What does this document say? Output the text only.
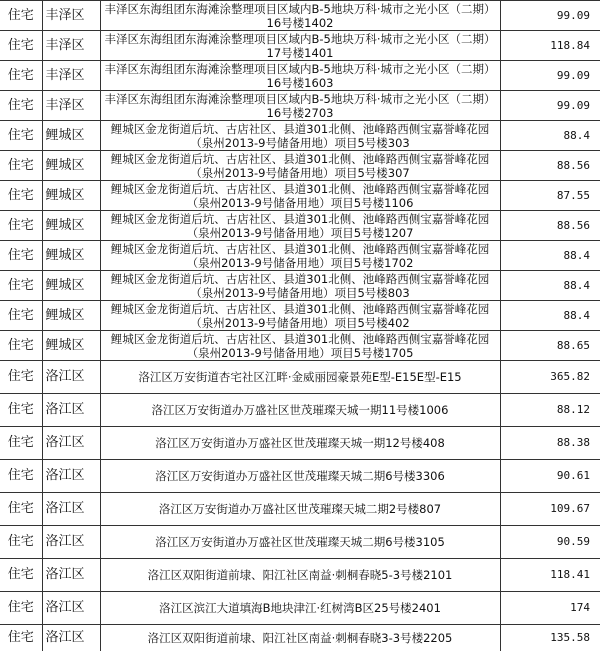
住宅	丰泽区	丰泽区东海组团东海滩涂整理项目区域内B-5地块万科·城市之光小区（二期）16号楼1402	99.09
住宅	丰泽区	丰泽区东海组团东海滩涂整理项目区域内B-5地块万科·城市之光小区（二期）17号楼1401	118.84
住宅	丰泽区	丰泽区东海组团东海滩涂整理项目区域内B-5地块万科·城市之光小区（二期）16号楼1603	99.09
住宅	丰泽区	丰泽区东海组团东海滩涂整理项目区域内B-5地块万科·城市之光小区（二期）16号楼2703	99.09
住宅	鲤城区	鲤城区金龙街道后坑、古店社区、县道301北侧、池峰路西侧宝嘉誉峰花园（泉州2013-9号储备用地）项目5号楼303	88.4
住宅	鲤城区	鲤城区金龙街道后坑、古店社区、县道301北侧、池峰路西侧宝嘉誉峰花园（泉州2013-9号储备用地）项目5号楼307	88.56
住宅	鲤城区	鲤城区金龙街道后坑、古店社区、县道301北侧、池峰路西侧宝嘉誉峰花园（泉州2013-9号储备用地）项目5号楼1106	87.55
住宅	鲤城区	鲤城区金龙街道后坑、古店社区、县道301北侧、池峰路西侧宝嘉誉峰花园（泉州2013-9号储备用地）项目5号楼1207	88.56
住宅	鲤城区	鲤城区金龙街道后坑、古店社区、县道301北侧、池峰路西侧宝嘉誉峰花园（泉州2013-9号储备用地）项目5号楼1702	88.4
住宅	鲤城区	鲤城区金龙街道后坑、古店社区、县道301北侧、池峰路西侧宝嘉誉峰花园（泉州2013-9号储备用地）项目5号楼803	88.4
住宅	鲤城区	鲤城区金龙街道后坑、古店社区、县道301北侧、池峰路西侧宝嘉誉峰花园（泉州2013-9号储备用地）项目5号楼402	88.4
住宅	鲤城区	鲤城区金龙街道后坑、古店社区、县道301北侧、池峰路西侧宝嘉誉峰花园（泉州2013-9号储备用地）项目5号楼1705	88.65
住宅	洛江区	洛江区万安街道杏宅社区江畔·金威丽园豪景苑E型-E15E型-E15	365.82
住宅	洛江区	洛江区万安街道办万盛社区世茂璀璨天城一期11号楼1006	88.12
住宅	洛江区	洛江区万安街道办万盛社区世茂璀璨天城一期12号楼408	88.38
住宅	洛江区	洛江区万安街道办万盛社区世茂璀璨天城二期6号楼3306	90.61
住宅	洛江区	洛江区万安街道办万盛社区世茂璀璨天城二期2号楼807	109.67
住宅	洛江区	洛江区万安街道办万盛社区世茂璀璨天城二期6号楼3105	90.59
住宅	洛江区	洛江区双阳街道前埭、阳江社区南益·刺桐春晓5-3号楼2101	118.41
住宅	洛江区	洛江区滨江大道填海B地块津江·红树湾B区25号楼2401	174
住宅	洛江区	洛江区双阳街道前埭、阳江社区南益·刺桐春晓3-3号楼2205	135.58
